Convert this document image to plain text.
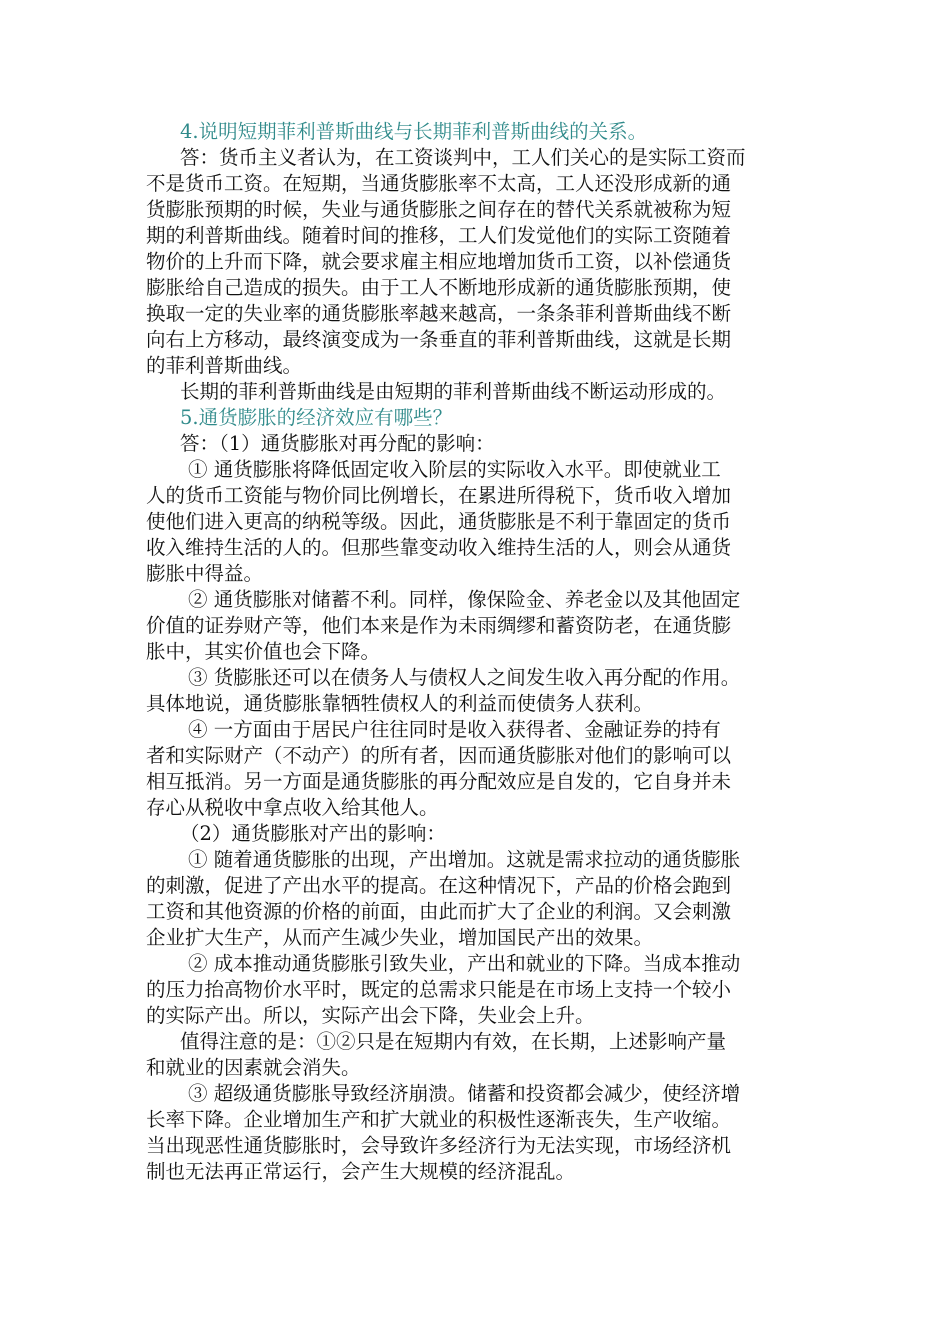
4.说明短期菲利普斯曲线与长期菲利普斯曲线的关系。
答：货币主义者认为，在工资谈判中，工人们关心的是实际工资而
不是货币工资。在短期，当通货膨胀率不太高，工人还没形成新的通
货膨胀预期的时候，失业与通货膨胀之间存在的替代关系就被称为短
期的利普斯曲线。随着时间的推移，工人们发觉他们的实际工资随着
物价的上升而下降，就会要求雇主相应地增加货币工资，以补偿通货
膨胀给自己造成的损失。由于工人不断地形成新的通货膨胀预期，使
换取一定的失业率的通货膨胀率越来越高，一条条菲利普斯曲线不断
向右上方移动，最终演变成为一条垂直的菲利普斯曲线，这就是长期
的菲利普斯曲线。
长期的菲利普斯曲线是由短期的菲利普斯曲线不断运动形成的。
5.通货膨胀的经济效应有哪些？
答：（1）通货膨胀对再分配的影响：
① 通货膨胀将降低固定收入阶层的实际收入水平。即使就业工
人的货币工资能与物价同比例增长，在累进所得税下，货币收入增加
使他们进入更高的纳税等级。因此，通货膨胀是不利于靠固定的货币
收入维持生活的人的。但那些靠变动收入维持生活的人，则会从通货
膨胀中得益。
② 通货膨胀对储蓄不利。同样，像保险金、养老金以及其他固定
价值的证券财产等，他们本来是作为未雨绸缪和蓄资防老，在通货膨
胀中，其实价值也会下降。
③ 货膨胀还可以在债务人与债权人之间发生收入再分配的作用。
具体地说，通货膨胀靠牺牲债权人的利益而使债务人获利。
④ 一方面由于居民户往往同时是收入获得者、金融证券的持有
者和实际财产（不动产）的所有者，因而通货膨胀对他们的影响可以
相互抵消。另一方面是通货膨胀的再分配效应是自发的，它自身并未
存心从税收中拿点收入给其他人。
（2）通货膨胀对产出的影响：
① 随着通货膨胀的出现，产出增加。这就是需求拉动的通货膨胀
的刺激，促进了产出水平的提高。在这种情况下，产品的价格会跑到
工资和其他资源的价格的前面，由此而扩大了企业的利润。又会刺激
企业扩大生产，从而产生减少失业，增加国民产出的效果。
② 成本推动通货膨胀引致失业，产出和就业的下降。当成本推动
的压力抬高物价水平时，既定的总需求只能是在市场上支持一个较小
的实际产出。所以，实际产出会下降，失业会上升。
值得注意的是：①②只是在短期内有效，在长期，上述影响产量
和就业的因素就会消失。
③ 超级通货膨胀导致经济崩溃。储蓄和投资都会减少，使经济增
长率下降。企业增加生产和扩大就业的积极性逐渐丧失，生产收缩。
当出现恶性通货膨胀时，会导致许多经济行为无法实现，市场经济机
制也无法再正常运行，会产生大规模的经济混乱。
